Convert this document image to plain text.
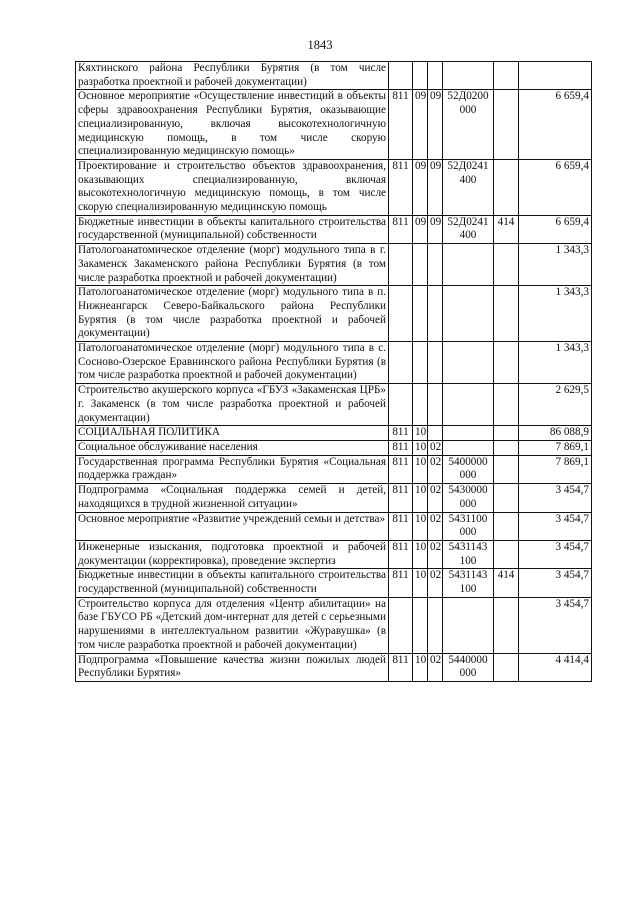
1843
Кяхтинского района Республики Бурятия (в том числе разработка проектной и рабочей документации)						
Основное мероприятие «Осуществление инвестиций в объекты сферы здравоохранения Республики Бурятия, оказывающие специализированную, включая высокотехнологичную медицинскую помощь, в том числе скорую специализированную медицинскую помощь»	811	09	09	52Д0200 000		6 659,4
Проектирование и строительство объектов здравоохранения, оказывающих специализированную, включая высокотехнологичную медицинскую помощь, в том числе скорую специализированную медицинскую помощь	811	09	09	52Д0241 400		6 659,4
Бюджетные инвестиции в объекты капитального строительства государственной (муниципальной) собственности	811	09	09	52Д0241 400	414	6 659,4
Патологоанатомическое отделение (морг) модульного типа в г. Закаменск Закаменского района Республики Бурятия (в том числе разработка проектной и рабочей документации)						1 343,3
Патологоанатомическое отделение (морг) модульного типа в п. Нижнеангарск Северо-Байкальского района Республики Бурятия (в том числе разработка проектной и рабочей документации)						1 343,3
Патологоанатомическое отделение (морг) модульного типа в с. Сосново-Озерское Еравнинского района Республики Бурятия (в том числе разработка проектной и рабочей документации)						1 343,3
Строительство акушерского корпуса «ГБУЗ «Закаменская ЦРБ» г. Закаменск (в том числе разработка проектной и рабочей документации)						2 629,5
СОЦИАЛЬНАЯ ПОЛИТИКА	811	10				86 088,9
Социальное обслуживание населения	811	10	02			7 869,1
Государственная программа Республики Бурятия «Социальная поддержка граждан»	811	10	02	5400000 000		7 869,1
Подпрограмма «Социальная поддержка семей и детей, находящихся в трудной жизненной ситуации»	811	10	02	5430000 000		3 454,7
Основное мероприятие «Развитие учреждений семьи и детства»	811	10	02	5431100 000		3 454,7
Инженерные изыскания, подготовка проектной и рабочей документации (корректировка), проведение экспертиз	811	10	02	5431143 100		3 454,7
Бюджетные инвестиции в объекты капитального строительства государственной (муниципальной) собственности	811	10	02	5431143 100	414	3 454,7
Строительство корпуса для отделения «Центр абилитации» на базе ГБУСО РБ «Детский дом-интернат для детей с серьезными нарушениями в интеллектуальном развитии «Журавушка» (в том числе разработка проектной и рабочей документации)						3 454,7
Подпрограмма «Повышение качества жизни пожилых людей Республики Бурятия»	811	10	02	5440000 000		4 414,4
